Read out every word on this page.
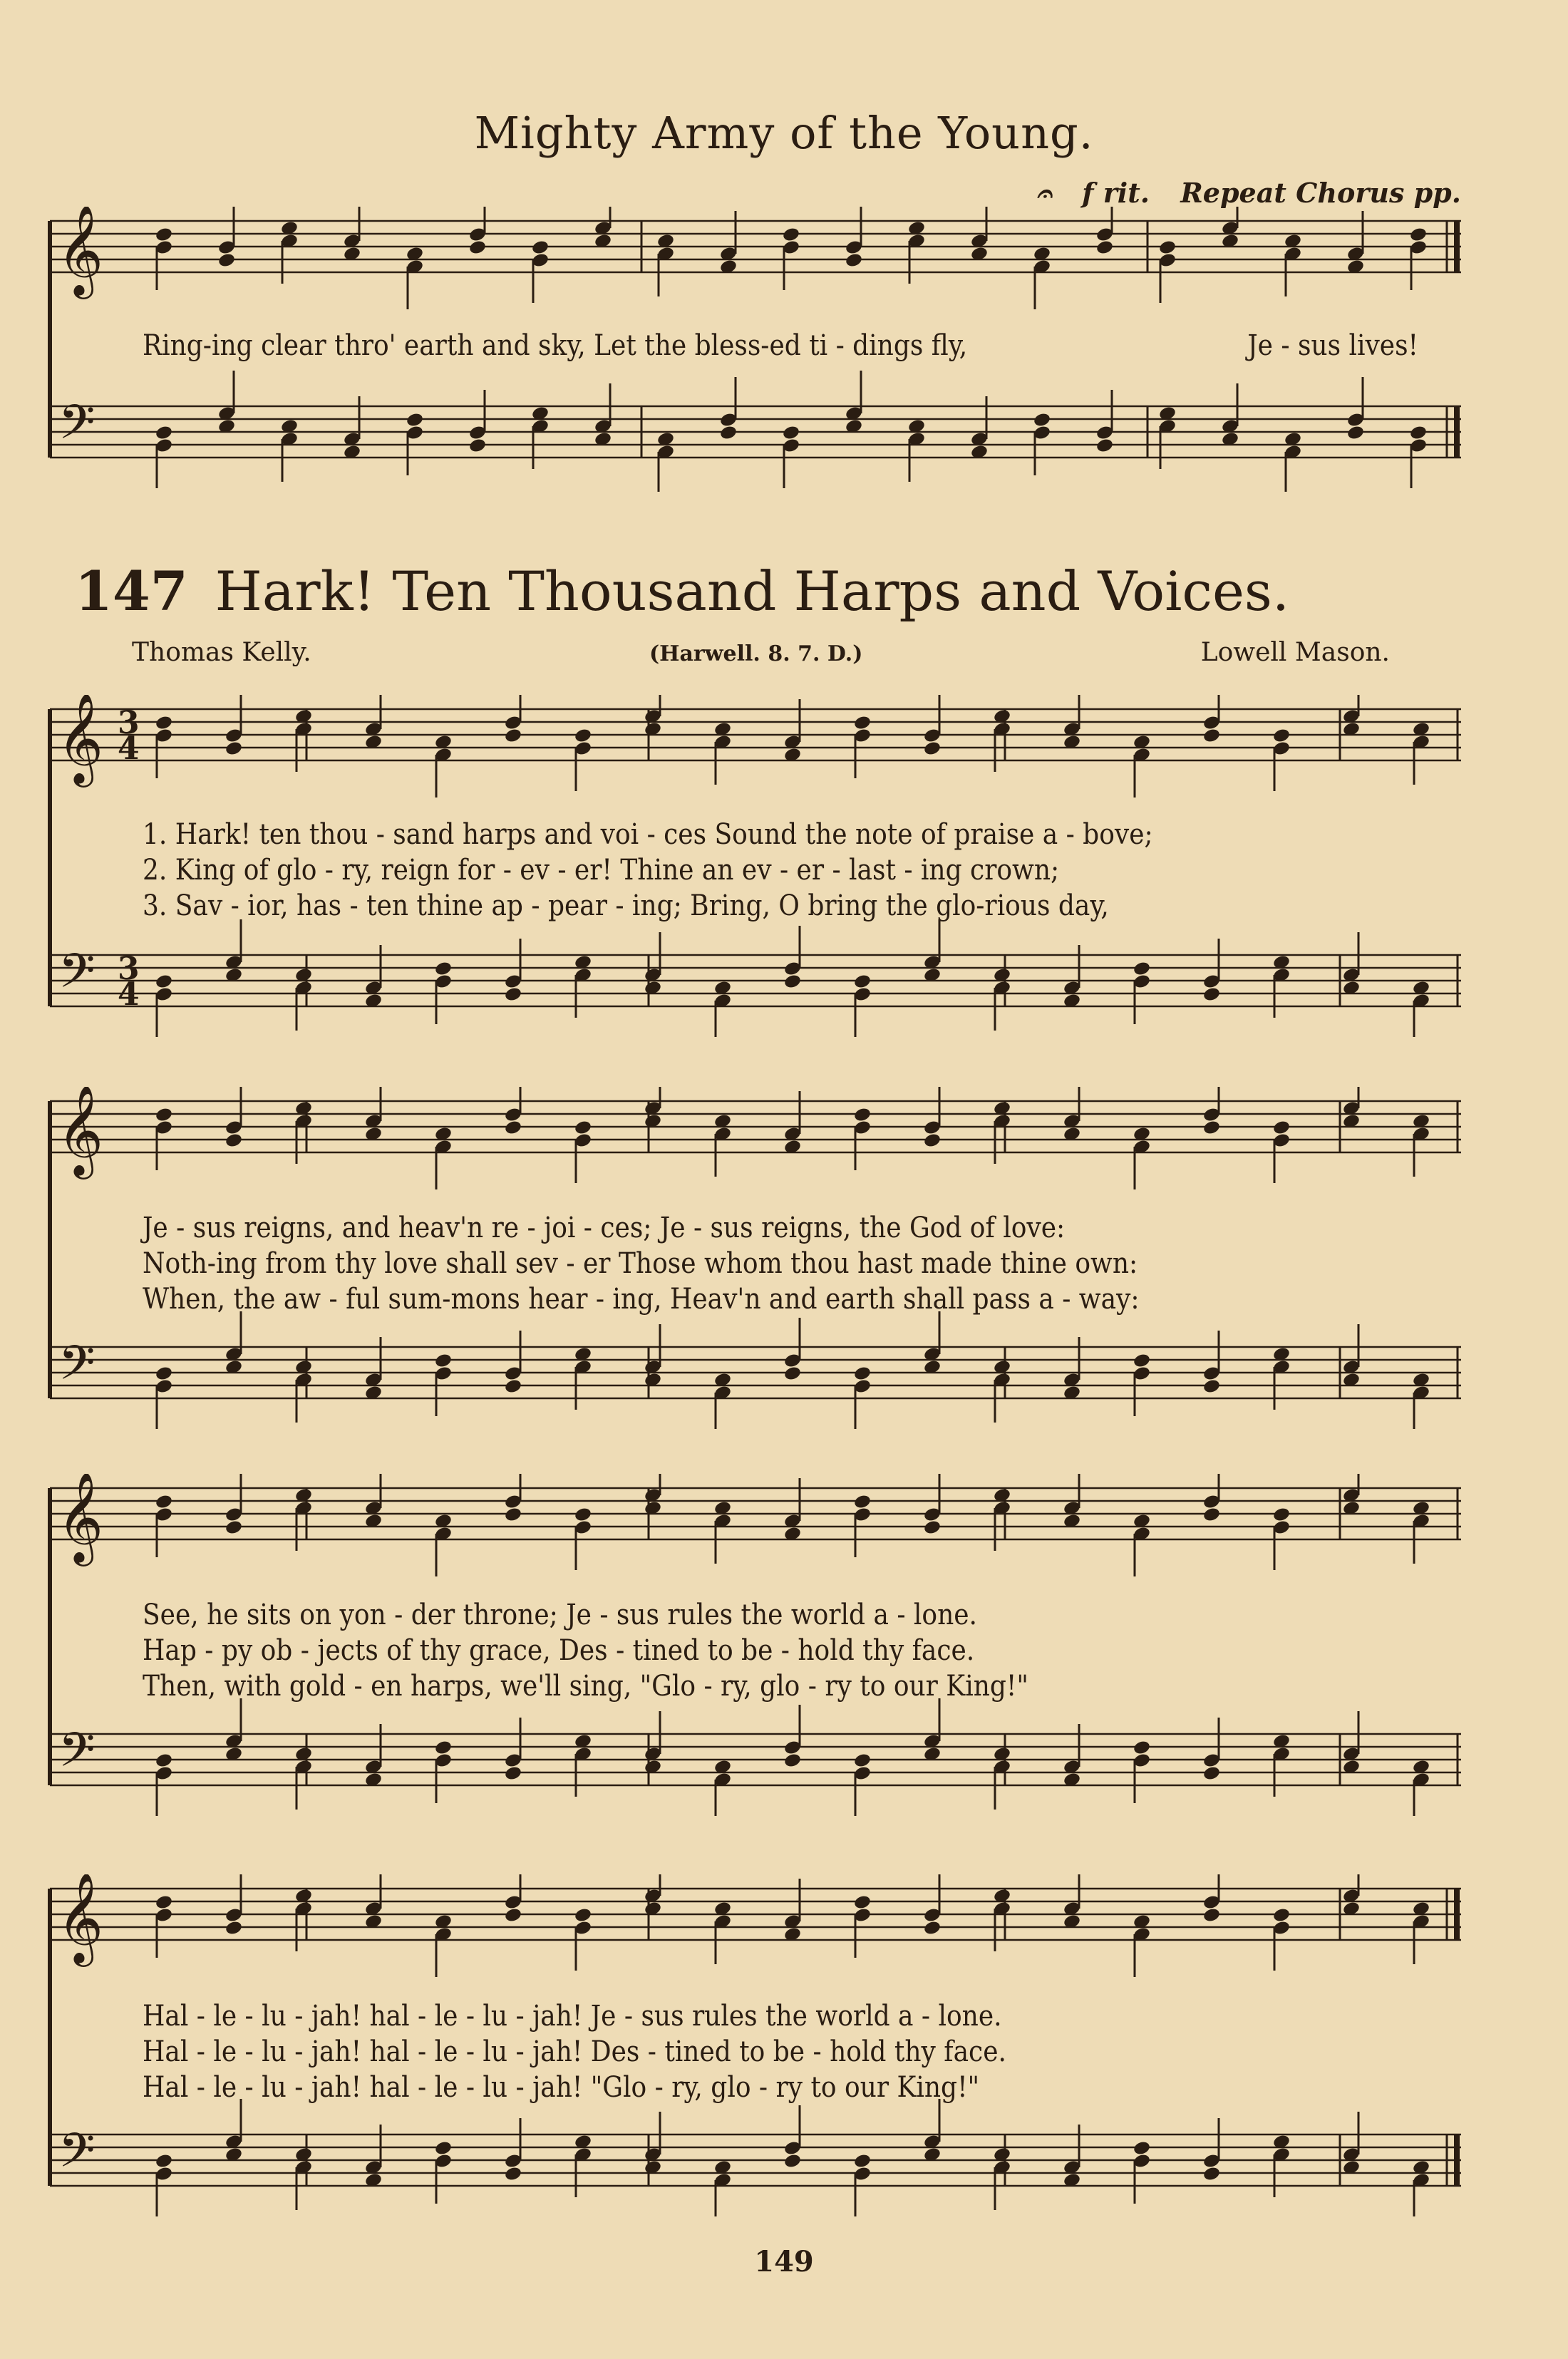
Mighty Army of the Young.
𝄐 f rit. Repeat Chorus pp.
𝄞
𝄢
Ring-ing clear thro' earth and sky, Let the bless-ed ti - dings fly,	Je - sus lives!
147 Hark! Ten Thousand Harps and Voices.
Thomas Kelly.	(Harwell. 8. 7. D.)	Lowell Mason.
𝄞
𝄢
3
3
4
4
1. Hark! ten thou - sand harps and voi - ces Sound the note of praise a - bove;
2. King of glo - ry, reign for - ev - er! Thine an ev - er - last - ing crown;
3. Sav - ior, has - ten thine ap - pear - ing; Bring, O bring the glo-rious day,
𝄞
𝄢
Je - sus reigns, and heav'n re - joi - ces; Je - sus reigns, the God of love:
Noth-ing from thy love shall sev - er Those whom thou hast made thine own:
When, the aw - ful sum-mons hear - ing, Heav'n and earth shall pass a - way:
𝄞
𝄢
See, he sits on yon - der throne; Je - sus rules the world a - lone.
Hap - py ob - jects of thy grace, Des - tined to be - hold thy face.
Then, with gold - en harps, we'll sing, "Glo - ry, glo - ry to our King!"
𝄞
𝄢
Hal - le - lu - jah! hal - le - lu - jah! Je - sus rules the world a - lone.
Hal - le - lu - jah! hal - le - lu - jah! Des - tined to be - hold thy face.
Hal - le - lu - jah! hal - le - lu - jah! "Glo - ry, glo - ry to our King!"
149
